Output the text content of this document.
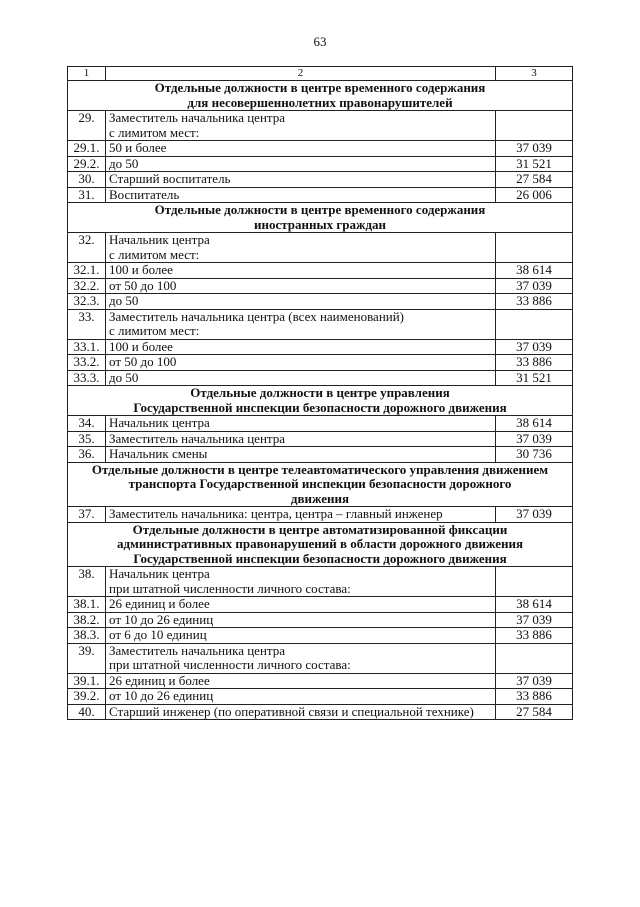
63
1	2	3

Отдельные должности в центре временного содержания
для несовершеннолетних правонарушителей		

29.	Заместитель начальника центра
с лимитом мест:	

29.1.	50 и более	37 039
29.2.	до 50	31 521
30.	Старший воспитатель	27 584
31.	Воспитатель	26 006

Отдельные должности в центре временного содержания
иностранных граждан		

32.	Начальник центра
с лимитом мест:	

32.1.	100 и более	38 614
32.2.	от 50 до 100	37 039
32.3.	до 50	33 886
33.	Заместитель начальника центра (всех наименований)
с лимитом мест:	

33.1.	100 и более	37 039
33.2.	от 50 до 100	33 886
33.3.	до 50	31 521

Отдельные должности в центре управления
Государственной инспекции безопасности дорожного движения		

34.	Начальник центра	38 614
35.	Заместитель начальника центра	37 039
36.	Начальник смены	30 736

Отдельные должности в центре телеавтоматического управления движением
транспорта Государственной инспекции безопасности дорожного
движения		

37.	Заместитель начальника: центра, центра – главный инженер	37 039

Отдельные должности в центре автоматизированной фиксации
административных правонарушений в области дорожного движения
Государственной инспекции безопасности дорожного движения		

38.	Начальник центра
при штатной численности личного состава:	

38.1.	26 единиц и более	38 614
38.2.	от 10 до 26 единиц	37 039
38.3.	от 6 до 10 единиц	33 886
39.	Заместитель начальника центра
при штатной численности личного состава:	

39.1.	26 единиц и более	37 039
39.2.	от 10 до 26 единиц	33 886
40.	Старший инженер (по оперативной связи и специальной технике)	27 584
